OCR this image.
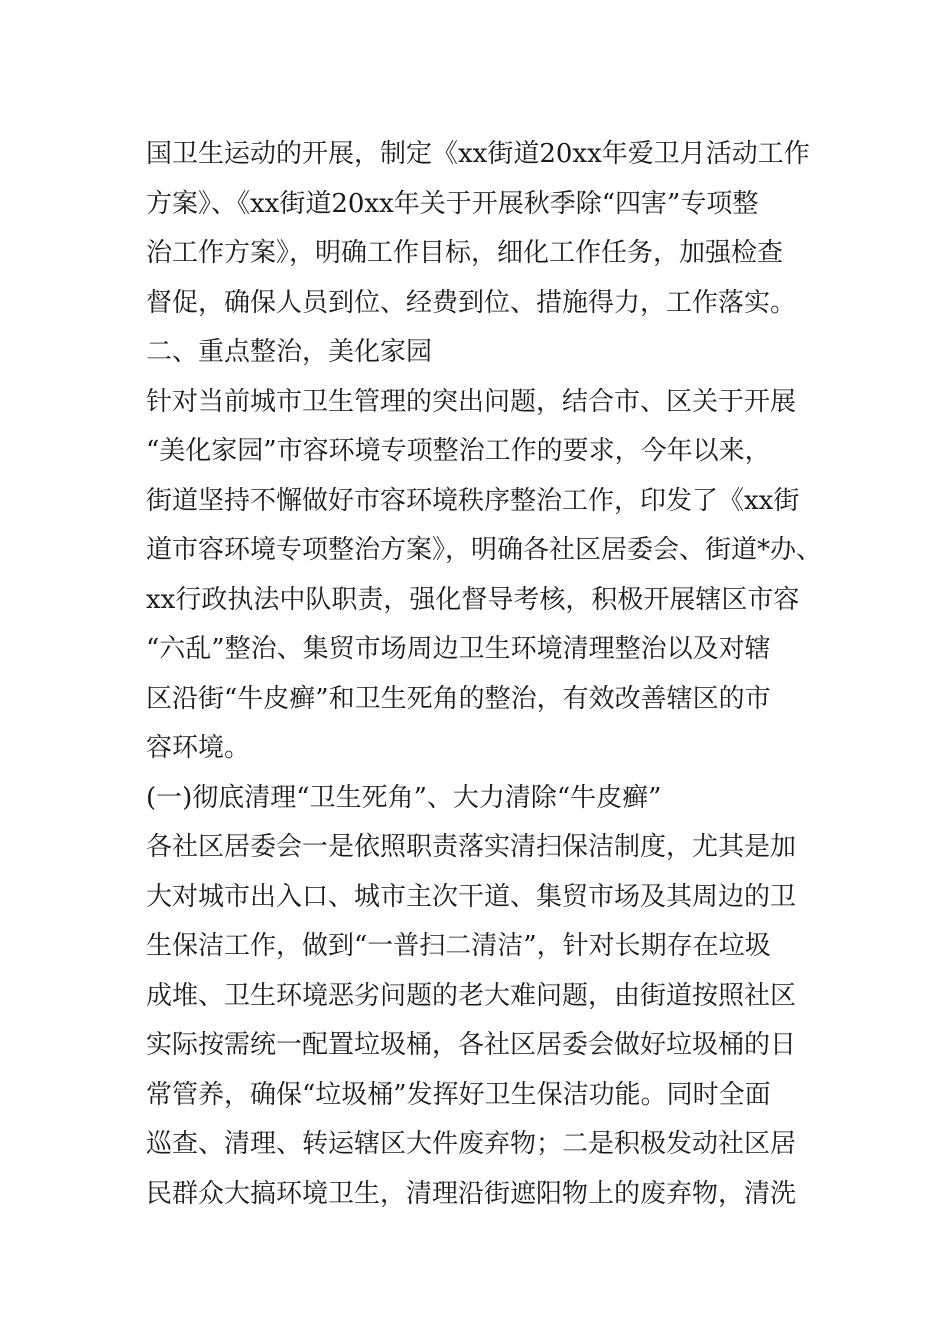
国卫生运动的开展，制定《xx街道20xx年爱卫月活动工作
方案》、《xx街道20xx年关于开展秋季除“四害”专项整
治工作方案》，明确工作目标，细化工作任务，加强检查
督促，确保人员到位、经费到位、措施得力，工作落实。
二、重点整治，美化家园
针对当前城市卫生管理的突出问题，结合市、区关于开展
“美化家园”市容环境专项整治工作的要求，今年以来，
街道坚持不懈做好市容环境秩序整治工作，印发了《xx街
道市容环境专项整治方案》，明确各社区居委会、街道*办、
xx行政执法中队职责，强化督导考核，积极开展辖区市容
“六乱”整治、集贸市场周边卫生环境清理整治以及对辖
区沿街“牛皮癣”和卫生死角的整治，有效改善辖区的市
容环境。
(一)彻底清理“卫生死角”、大力清除“牛皮癣”
各社区居委会一是依照职责落实清扫保洁制度，尤其是加
大对城市出入口、城市主次干道、集贸市场及其周边的卫
生保洁工作，做到“一普扫二清洁”，针对长期存在垃圾
成堆、卫生环境恶劣问题的老大难问题，由街道按照社区
实际按需统一配置垃圾桶，各社区居委会做好垃圾桶的日
常管养，确保“垃圾桶”发挥好卫生保洁功能。同时全面
巡查、清理、转运辖区大件废弃物；二是积极发动社区居
民群众大搞环境卫生，清理沿街遮阳物上的废弃物，清洗
